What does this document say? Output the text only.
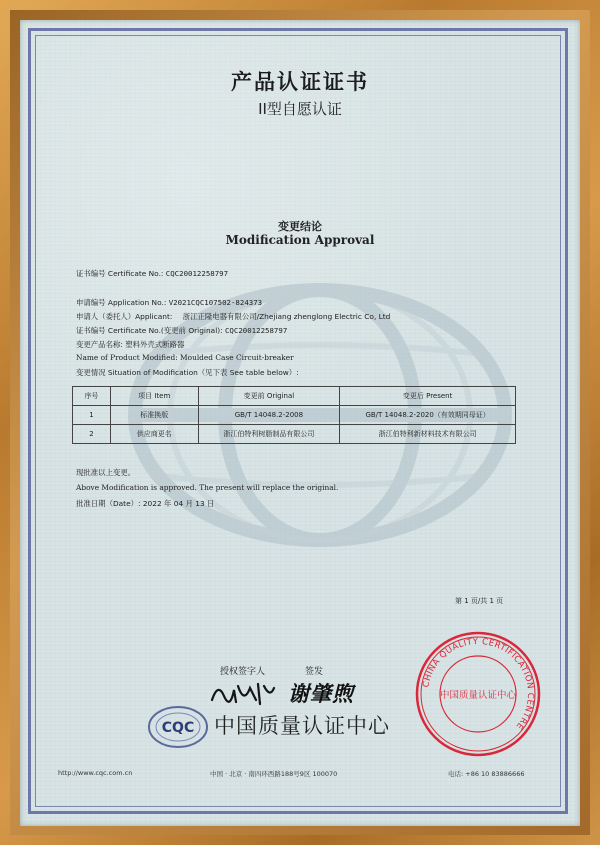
产品认证证书
II型自愿认证
变更结论
Modification Approval
证书编号 Certificate No.: CQC20012258797
申请编号 Application No.: V2021CQC107502-824373
申请人（委托人）Applicant: 浙江正隆电器有限公司/Zhejiang zhenglong Electric Co, Ltd
证书编号 Certificate No.(变更前 Original): CQC20012258797
变更产品名称: 塑料外壳式断路器
Name of Product Modified: Moulded Case Circuit-breaker
变更情况 Situation of Modification（见下表 See table below）:
序号	项目 Item	变更前 Original	变更后 Present
1	标准换版	GB/T 14048.2-2008	GB/T 14048.2-2020（有效期同母证）
2	供应商更名	浙江伯特利树脂制品有限公司	浙江伯特利新材料技术有限公司
现批准以上变更。
Above Modification is approved. The present will replace the original.
批准日期（Date）: 2022 年 04 月 13 日
第 1 页/共 1 页
授权签字人	签发
谢肇煦
CQC 中国质量认证中心
CHINA QUALITY CERTIFICATION CENTRE
中国质量认证中心
http://www.cqc.com.cn	中国 · 北京 · 南四环西路188号9区 100070	电话: +86 10 83886666
